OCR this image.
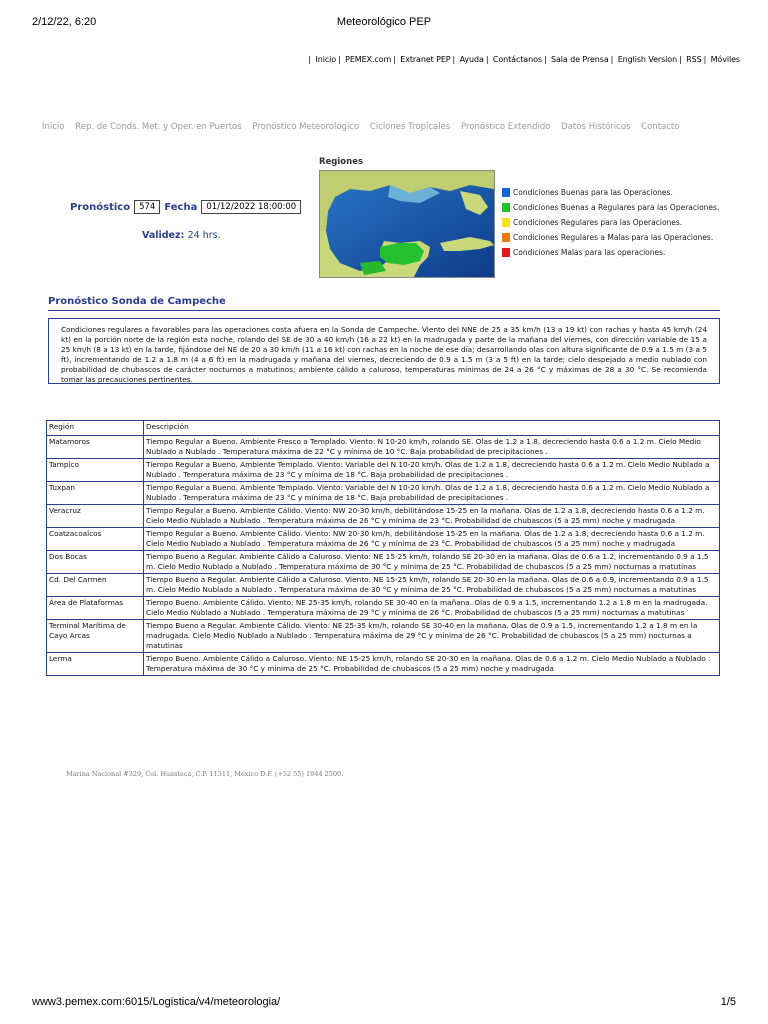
2/12/22, 6:20	Meteorológico PEP
| Inicio | PEMEX.com | Extranet PEP | Ayuda | Contáctanos | Sala de Prensa | English Version | RSS | Móviles
Inicio Rep. de Conds. Met. y Oper. en Puertos Pronóstico Meteorológico Ciclones Tropicales Pronóstico Extendido Datos Históricos Contacto
Pronóstico	574 Fecha	01/12/2022 18:00:00
Validez: 24 hrs.
Regiones
Condiciones Buenas para las Operaciones.
Condiciones Buenas a Regulares para las Operaciones.
Condiciones Regulares para las Operaciones.
Condiciones Regulares a Malas para las Operaciones.
Condiciones Malas para las operaciones.
Pronóstico Sonda de Campeche
Condiciones regulares a favorables para las operaciones costa afuera en la Sonda de Campeche. Viento del NNE de 25 a 35 km/h (13 a 19 kt) con rachas y hasta 45 km/h (24 kt) en la porción norte de la región esta noche, rolando del SE de 30 a 40 km/h (16 a 22 kt) en la madrugada y parte de la mañana del viernes, con dirección variable de 15 a 25 km/h (8 a 13 kt) en la tarde, fijándose del NE de 20 a 30 km/h (11 a 16 kt) con rachas en la noche de ese día; desarrollando olas con altura significante de 0.9 a 1.5 m (3 a 5 ft), incrementando de 1.2 a 1.8 m (4 a 6 ft) en la madrugada y mañana del viernes, decreciendo de 0.9 a 1.5 m (3 a 5 ft) en la tarde; cielo despejado a medio nublado con probabilidad de chubascos de carácter nocturnos a matutinos; ambiente cálido a caluroso, temperaturas mínimas de 24 a 26 °C y máximas de 28 a 30 °C. Se recomienda tomar las precauciones pertinentes.
Región	Descripción
Matamoros	Tiempo Regular a Bueno. Ambiente Fresco a Templado. Viento: N 10-20 km/h, rolando SE. Olas de 1.2 a 1.8, decreciendo hasta 0.6 a 1.2 m. Cielo Medio Nublado a Nublado . Temperatura máxima de 22 °C y mínima de 10 °C. Baja probabilidad de precipitaciones .
Tampico	Tiempo Regular a Bueno. Ambiente Templado. Viento: Variable del N 10-20 km/h. Olas de 1.2 a 1.8, decreciendo hasta 0.6 a 1.2 m. Cielo Medio Nublado a Nublado . Temperatura máxima de 23 °C y mínima de 18 °C. Baja probabilidad de precipitaciones .
Tuxpan	Tiempo Regular a Bueno. Ambiente Templado. Viento: Variable del N 10-20 km/h. Olas de 1.2 a 1.8, decreciendo hasta 0.6 a 1.2 m. Cielo Medio Nublado a Nublado . Temperatura máxima de 23 °C y mínima de 18 °C. Baja probabilidad de precipitaciones .
Veracruz	Tiempo Regular a Bueno. Ambiente Cálido. Viento: NW 20-30 km/h, debilitándose 15-25 en la mañana. Olas de 1.2 a 1.8, decreciendo hasta 0.6 a 1.2 m. Cielo Medio Nublado a Nublado . Temperatura máxima de 26 °C y mínima de 23 °C. Probabilidad de chubascos (5 a 25 mm) noche y madrugada
Coatzacoalcos	Tiempo Regular a Bueno. Ambiente Cálido. Viento: NW 20-30 km/h, debilitándose 15-25 en la mañana. Olas de 1.2 a 1.8, decreciendo hasta 0.6 a 1.2 m. Cielo Medio Nublado a Nublado . Temperatura máxima de 26 °C y mínima de 23 °C. Probabilidad de chubascos (5 a 25 mm) noche y madrugada
Dos Bocas	Tiempo Bueno a Regular. Ambiente Cálido a Caluroso. Viento: NE 15-25 km/h, rolando SE 20-30 en la mañana. Olas de 0.6 a 1.2, incrementando 0.9 a 1.5 m. Cielo Medio Nublado a Nublado . Temperatura máxima de 30 °C y mínima de 25 °C. Probabilidad de chubascos (5 a 25 mm) nocturnas a matutinas
Cd. Del Carmen	Tiempo Bueno a Regular. Ambiente Cálido a Caluroso. Viento: NE 15-25 km/h, rolando SE 20-30 en la mañana. Olas de 0.6 a 0.9, incrementando 0.9 a 1.5 m. Cielo Medio Nublado a Nublado . Temperatura máxima de 30 °C y mínima de 25 °C. Probabilidad de chubascos (5 a 25 mm) nocturnas a matutinas
Área de Plataformas	Tiempo Bueno. Ambiente Cálido. Viento: NE 25-35 km/h, rolando SE 30-40 en la mañana. Olas de 0.9 a 1.5, incrementando 1.2 a 1.8 m en la madrugada. Cielo Medio Nublado a Nublado . Temperatura máxima de 29 °C y mínima de 26 °C. Probabilidad de chubascos (5 a 25 mm) nocturnas a matutinas
Terminal Marítima de Cayo Arcas	Tiempo Bueno a Regular. Ambiente Cálido. Viento: NE 25-35 km/h, rolando SE 30-40 en la mañana. Olas de 0.9 a 1.5, incrementando 1.2 a 1.8 m en la madrugada. Cielo Medio Nublado a Nublado . Temperatura máxima de 29 °C y mínima de 26 °C. Probabilidad de chubascos (5 a 25 mm) nocturnas a matutinas
Lerma	Tiempo Bueno. Ambiente Cálido a Caluroso. Viento: NE 15-25 km/h, rolando SE 20-30 en la mañana. Olas de 0.6 a 1.2 m. Cielo Medio Nublado a Nublado . Temperatura máxima de 30 °C y mínima de 25 °C. Probabilidad de chubascos (5 a 25 mm) noche y madrugada
Marina Nacional #329, Col. Huasteca, C.P. 11311, México D.F. (+52 55) 1944 2500.
www3.pemex.com:6015/Logistica/v4/meteorologia/	1/5
